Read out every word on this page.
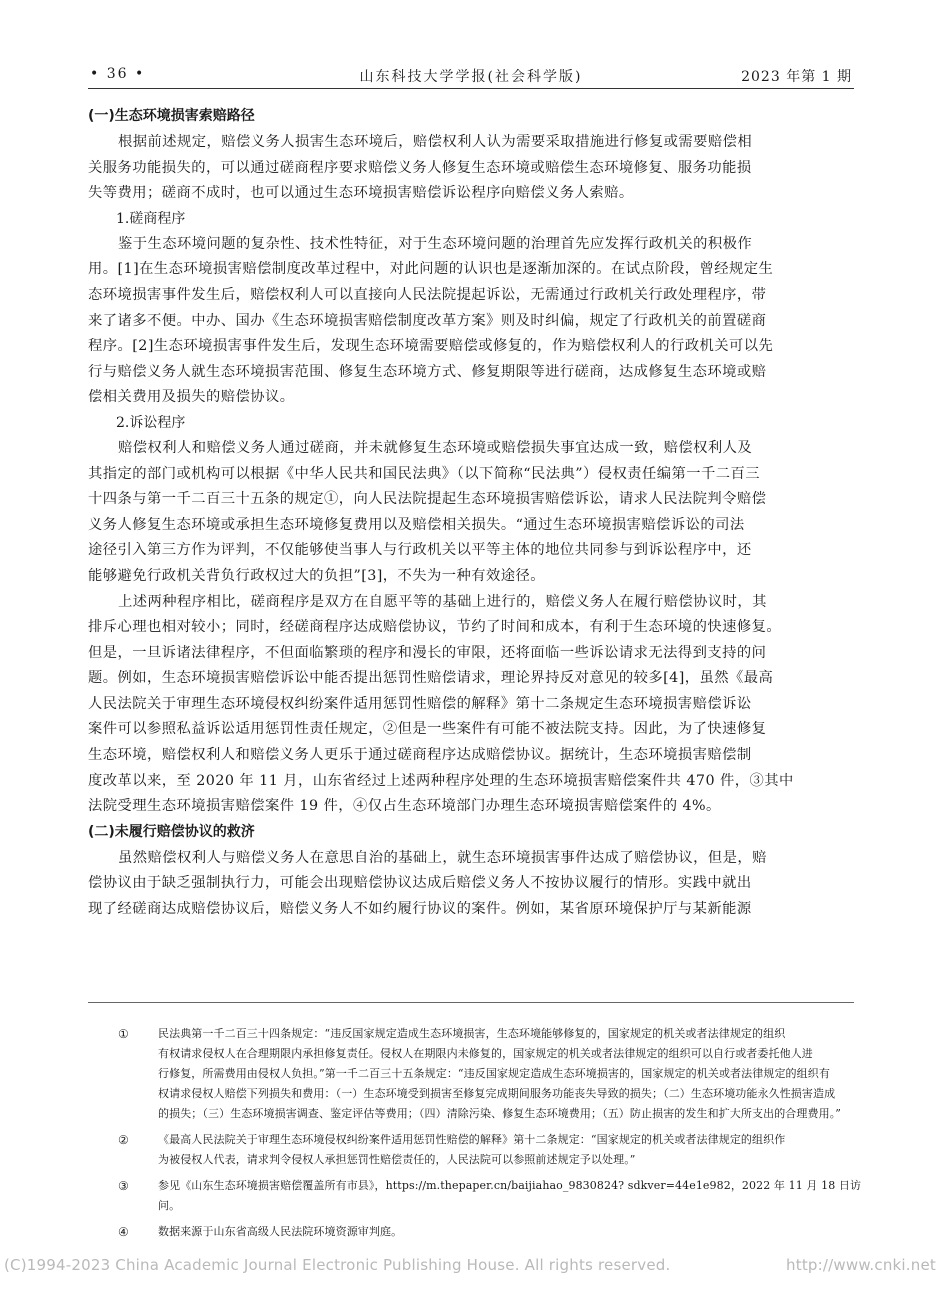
• 36 •	山东科技大学学报(社会科学版)	2023 年第 1 期
(一)生态环境损害索赔路径
根据前述规定，赔偿义务人损害生态环境后，赔偿权利人认为需要采取措施进行修复或需要赔偿相
关服务功能损失的，可以通过磋商程序要求赔偿义务人修复生态环境或赔偿生态环境修复、服务功能损
失等费用；磋商不成时，也可以通过生态环境损害赔偿诉讼程序向赔偿义务人索赔。
1.磋商程序
鉴于生态环境问题的复杂性、技术性特征，对于生态环境问题的治理首先应发挥行政机关的积极作
用。[1]在生态环境损害赔偿制度改革过程中，对此问题的认识也是逐渐加深的。在试点阶段，曾经规定生
态环境损害事件发生后，赔偿权利人可以直接向人民法院提起诉讼，无需通过行政机关行政处理程序，带
来了诸多不便。中办、国办《生态环境损害赔偿制度改革方案》则及时纠偏，规定了行政机关的前置磋商
程序。[2]生态环境损害事件发生后，发现生态环境需要赔偿或修复的，作为赔偿权利人的行政机关可以先
行与赔偿义务人就生态环境损害范围、修复生态环境方式、修复期限等进行磋商，达成修复生态环境或赔
偿相关费用及损失的赔偿协议。
2.诉讼程序
赔偿权利人和赔偿义务人通过磋商，并未就修复生态环境或赔偿损失事宜达成一致，赔偿权利人及
其指定的部门或机构可以根据《中华人民共和国民法典》（以下简称“民法典”）侵权责任编第一千二百三
十四条与第一千二百三十五条的规定①，向人民法院提起生态环境损害赔偿诉讼，请求人民法院判令赔偿
义务人修复生态环境或承担生态环境修复费用以及赔偿相关损失。“通过生态环境损害赔偿诉讼的司法
途径引入第三方作为评判，不仅能够使当事人与行政机关以平等主体的地位共同参与到诉讼程序中，还
能够避免行政机关背负行政权过大的负担”[3]，不失为一种有效途径。
上述两种程序相比，磋商程序是双方在自愿平等的基础上进行的，赔偿义务人在履行赔偿协议时，其
排斥心理也相对较小；同时，经磋商程序达成赔偿协议，节约了时间和成本，有利于生态环境的快速修复。
但是，一旦诉诸法律程序，不但面临繁琐的程序和漫长的审限，还将面临一些诉讼请求无法得到支持的问
题。例如，生态环境损害赔偿诉讼中能否提出惩罚性赔偿请求，理论界持反对意见的较多[4]，虽然《最高
人民法院关于审理生态环境侵权纠纷案件适用惩罚性赔偿的解释》第十二条规定生态环境损害赔偿诉讼
案件可以参照私益诉讼适用惩罚性责任规定，②但是一些案件有可能不被法院支持。因此，为了快速修复
生态环境，赔偿权利人和赔偿义务人更乐于通过磋商程序达成赔偿协议。据统计，生态环境损害赔偿制
度改革以来，至 2020 年 11 月，山东省经过上述两种程序处理的生态环境损害赔偿案件共 470 件，③其中
法院受理生态环境损害赔偿案件 19 件，④仅占生态环境部门办理生态环境损害赔偿案件的 4%。
(二)未履行赔偿协议的救济
虽然赔偿权利人与赔偿义务人在意思自治的基础上，就生态环境损害事件达成了赔偿协议，但是，赔
偿协议由于缺乏强制执行力，可能会出现赔偿协议达成后赔偿义务人不按协议履行的情形。实践中就出
现了经磋商达成赔偿协议后，赔偿义务人不如约履行协议的案件。例如，某省原环境保护厅与某新能源
①	民法典第一千二百三十四条规定：“违反国家规定造成生态环境损害，生态环境能够修复的，国家规定的机关或者法律规定的组织
有权请求侵权人在合理期限内承担修复责任。侵权人在期限内未修复的，国家规定的机关或者法律规定的组织可以自行或者委托他人进
行修复，所需费用由侵权人负担。”第一千二百三十五条规定：“违反国家规定造成生态环境损害的，国家规定的机关或者法律规定的组织有
权请求侵权人赔偿下列损失和费用：（一）生态环境受到损害至修复完成期间服务功能丧失导致的损失；（二）生态环境功能永久性损害造成
的损失；（三）生态环境损害调查、鉴定评估等费用；（四）清除污染、修复生态环境费用；（五）防止损害的发生和扩大所支出的合理费用。”
②	《最高人民法院关于审理生态环境侵权纠纷案件适用惩罚性赔偿的解释》第十二条规定：“国家规定的机关或者法律规定的组织作
为被侵权人代表，请求判令侵权人承担惩罚性赔偿责任的，人民法院可以参照前述规定予以处理。”
③	参见《山东生态环境损害赔偿覆盖所有市县》，https://m.thepaper.cn/baijiahao_9830824? sdkver=44e1e982，2022 年 11 月 18 日访
问。
④	数据来源于山东省高级人民法院环境资源审判庭。
(C)1994-2023 China Academic Journal Electronic Publishing House. All rights reserved.	http://www.cnki.net
